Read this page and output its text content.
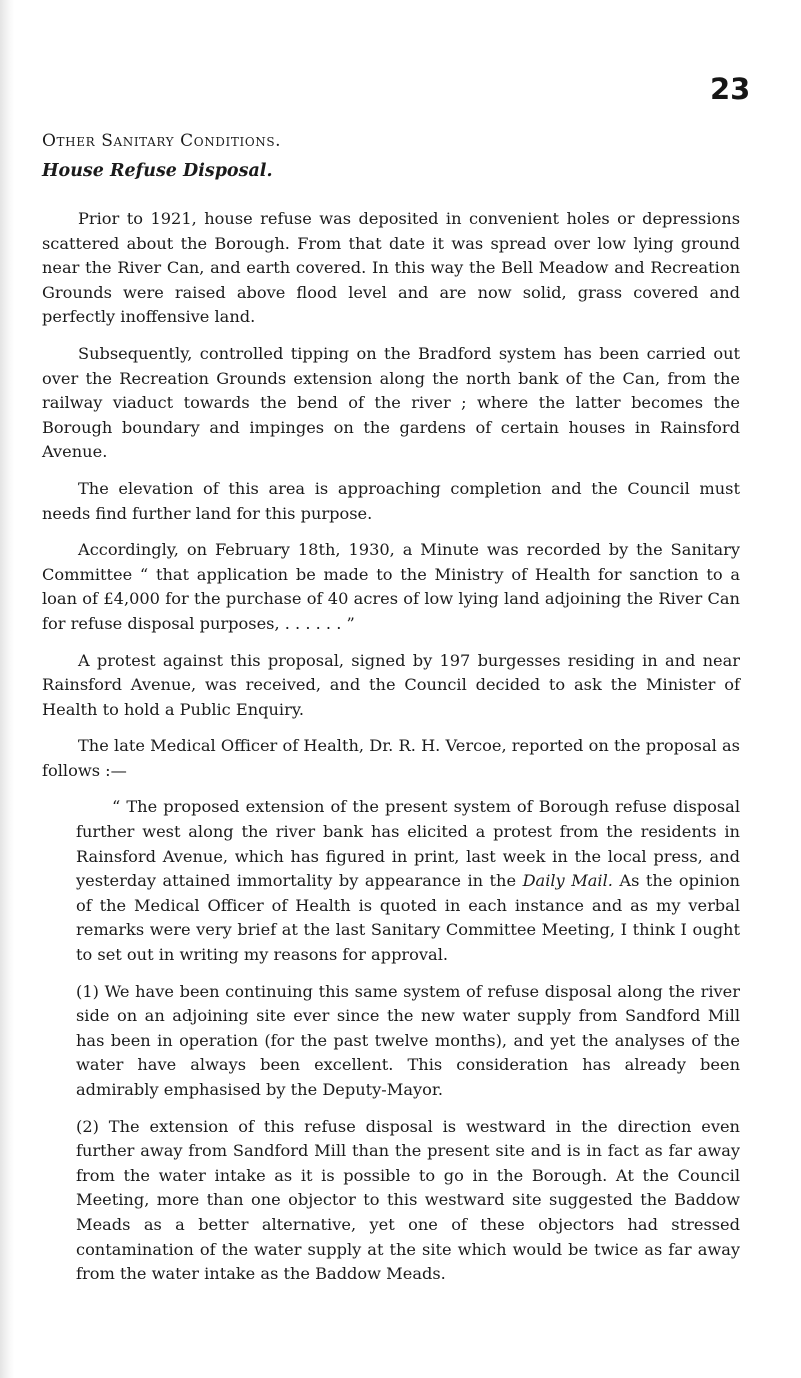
23
Other Sanitary Conditions.
House Refuse Disposal.

Prior to 1921, house refuse was deposited in convenient holes or depressions scattered about the Borough. From that date it was spread over low lying ground near the River Can, and earth covered. In this way the Bell Meadow and Recreation Grounds were raised above flood level and are now solid, grass covered and perfectly inoffensive land.

Subsequently, controlled tipping on the Bradford system has been carried out over the Recreation Grounds extension along the north bank of the Can, from the railway viaduct towards the bend of the river ; where the latter becomes the Borough boundary and impinges on the gardens of certain houses in Rainsford Avenue.

The elevation of this area is approaching completion and the Council must needs find further land for this purpose.

Accordingly, on February 18th, 1930, a Minute was recorded by the Sanitary Committee “ that application be made to the Ministry of Health for sanction to a loan of £4,000 for the purchase of 40 acres of low lying land adjoining the River Can for refuse disposal purposes, . . . . . . ”

A protest against this proposal, signed by 197 burgesses residing in and near Rainsford Avenue, was received, and the Council decided to ask the Minister of Health to hold a Public Enquiry.

The late Medical Officer of Health, Dr. R. H. Vercoe, reported on the proposal as follows :—

“ The proposed extension of the present system of Borough refuse disposal further west along the river bank has elicited a protest from the residents in Rainsford Avenue, which has figured in print, last week in the local press, and yesterday attained immortality by appearance in the Daily Mail. As the opinion of the Medical Officer of Health is quoted in each instance and as my verbal remarks were very brief at the last Sanitary Committee Meeting, I think I ought to set out in writing my reasons for approval.

(1) We have been continuing this same system of refuse disposal along the river side on an adjoining site ever since the new water supply from Sandford Mill has been in operation (for the past twelve months), and yet the analyses of the water have always been excellent. This consideration has already been admirably emphasised by the Deputy-Mayor.

(2) The extension of this refuse disposal is westward in the direction even further away from Sandford Mill than the present site and is in fact as far away from the water intake as it is possible to go in the Borough. At the Council Meeting, more than one objector to this westward site suggested the Baddow Meads as a better alternative, yet one of these objectors had stressed contamination of the water supply at the site which would be twice as far away from the water intake as the Baddow Meads.
